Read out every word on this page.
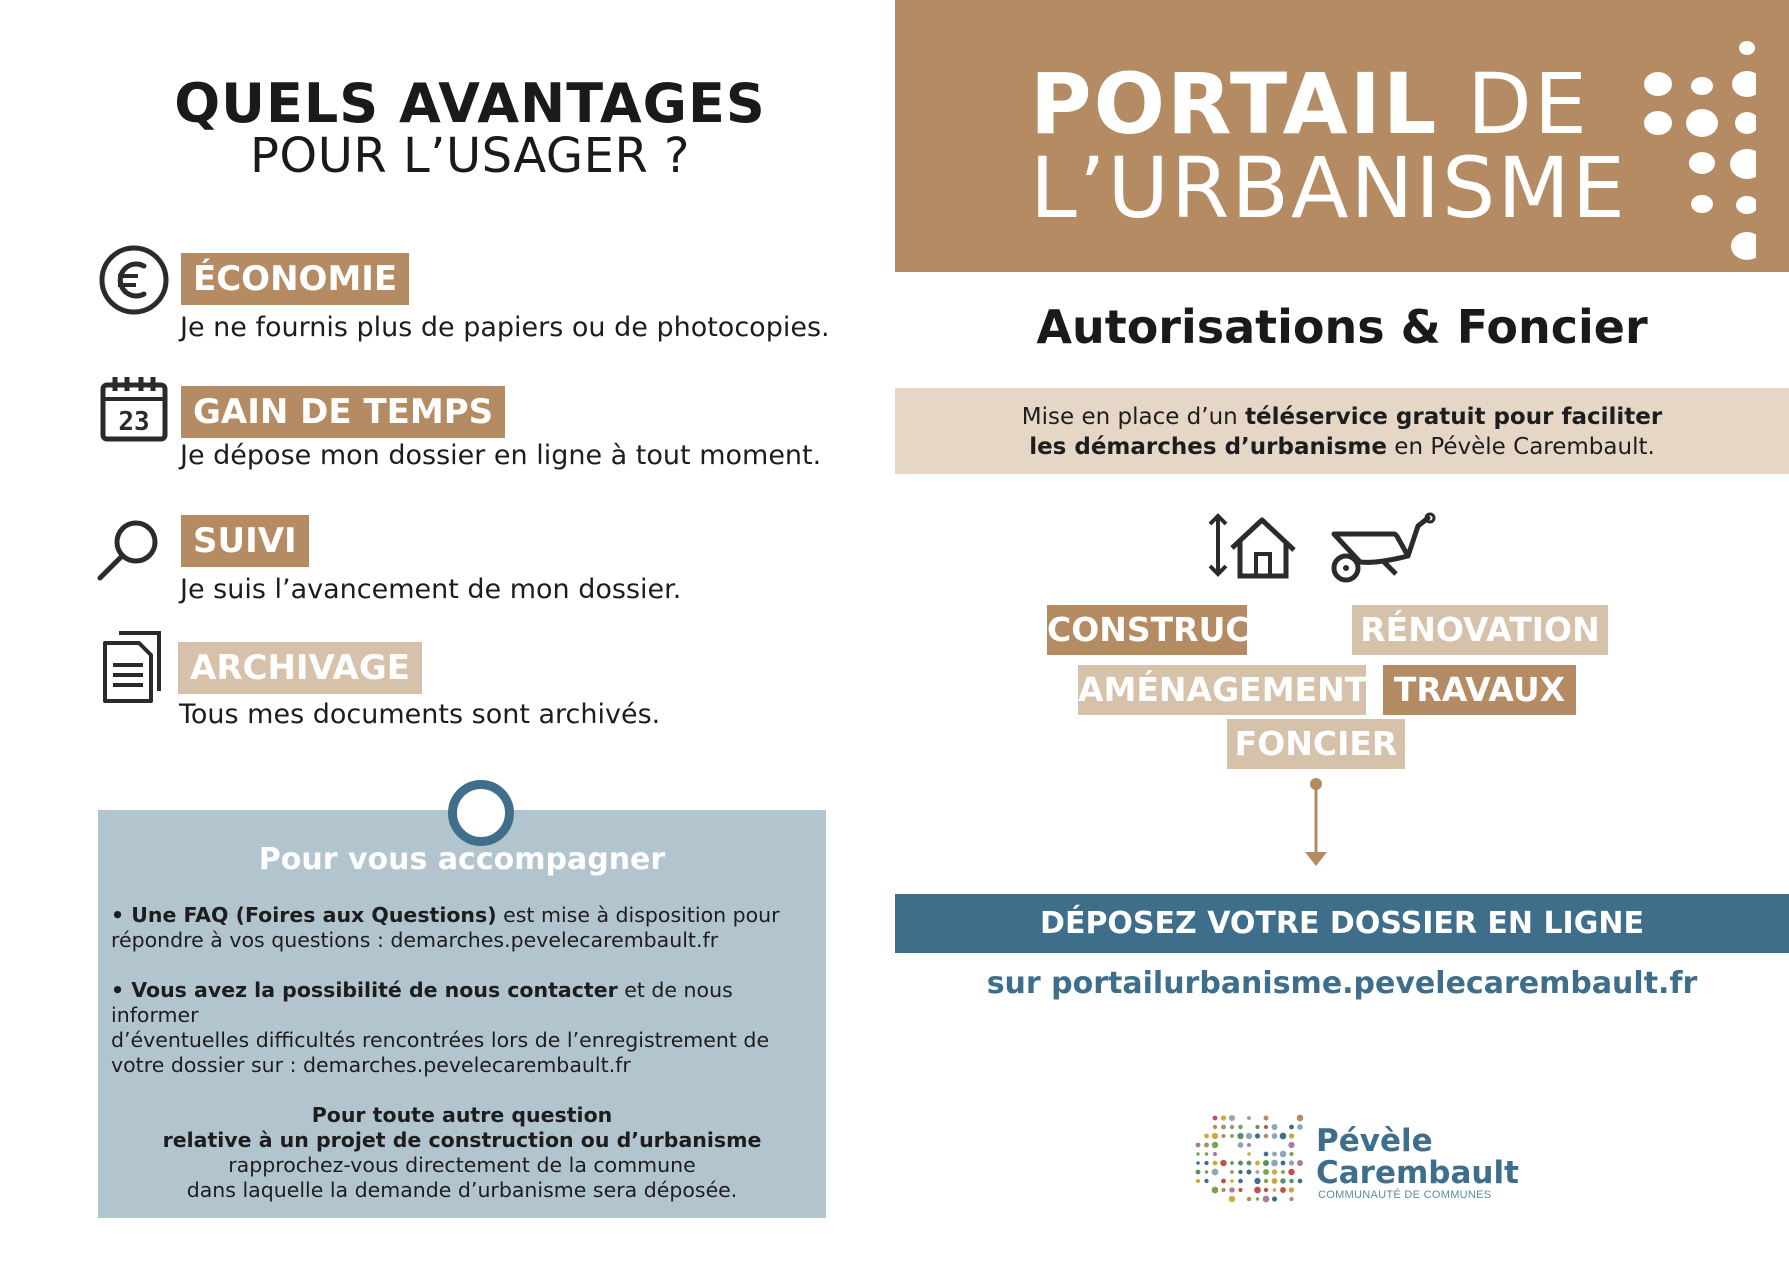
QUELS AVANTAGES
POUR L’USAGER ?
ÉCONOMIE
Je ne fournis plus de papiers ou de photocopies.
23	GAIN DE TEMPS
Je dépose mon dossier en ligne à tout moment.
SUIVI
Je suis l’avancement de mon dossier.
ARCHIVAGE
Tous mes documents sont archivés.
Pour vous accompagner
• Une FAQ (Foires aux Questions) est mise à disposition pour
répondre à vos questions : demarches.pevelecarembault.fr
• Vous avez la possibilité de nous contacter et de nous informer
d’éventuelles difficultés rencontrées lors de l’enregistrement de
votre dossier sur : demarches.pevelecarembault.fr
Pour toute autre question
relative à un projet de construction ou d’urbanisme
rapprochez-vous directement de la commune
dans laquelle la demande d’urbanisme sera déposée.
PORTAIL DE
L’URBANISME
Autorisations & Foncier
Mise en place d’un téléservice gratuit pour faciliter
les démarches d’urbanisme en Pévèle Carembault.
CONSTRUCTION RÉNOVATION
AMÉNAGEMENT TRAVAUX
FONCIER
DÉPOSEZ VOTRE DOSSIER EN LIGNE
sur portailurbanisme.pevelecarembault.fr
Pévèle
Carembault
COMMUNAUTÉ DE COMMUNES
